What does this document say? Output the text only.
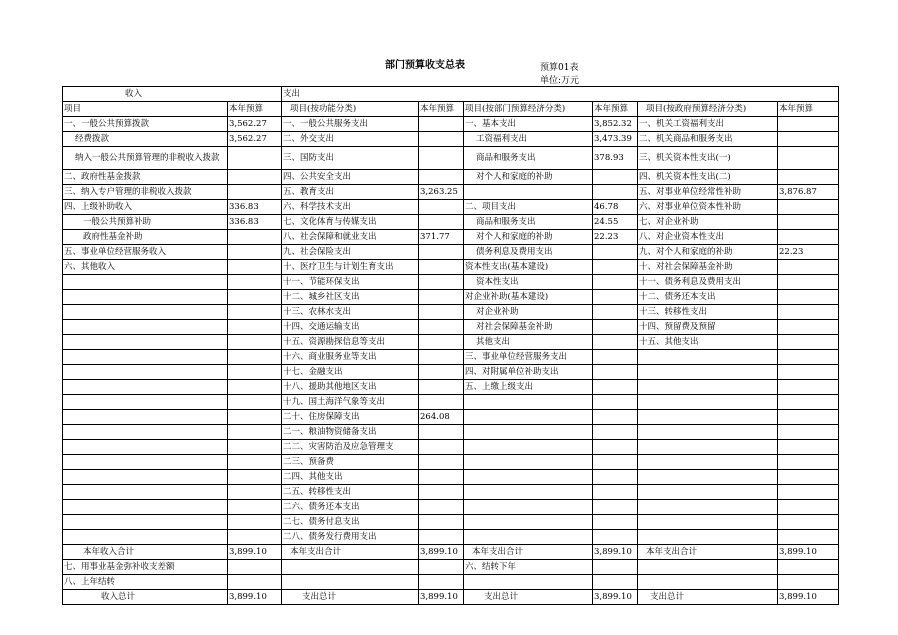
部门预算收支总表	预算01表
单位:万元
收入		支出					
项目	本年预算	项目(按功能分类)	本年预算	项目(按部门预算经济分类)	本年预算	项目(按政府预算经济分类)	本年预算
一、一般公共预算拨款	3,562.27	一、一般公共服务支出		一、基本支出	3,852.32	一、机关工资福利支出	
经费拨款	3,562.27	二、外交支出		工资福利支出	3,473.39	二、机关商品和服务支出	
纳入一般公共预算管理的非税收入拨款		三、国防支出		商品和服务支出	378.93	三、机关资本性支出(一)	
二、政府性基金拨款		四、公共安全支出		对个人和家庭的补助		四、机关资本性支出(二)	
三、纳入专户管理的非税收入拨款		五、教育支出	3,263.25			五、对事业单位经常性补助	3,876.87
四、上级补助收入	336.83	六、科学技术支出		二、项目支出	46.78	六、对事业单位资本性补助	
一般公共预算补助	336.83	七、文化体育与传媒支出		商品和服务支出	24.55	七、对企业补助	
政府性基金补助		八、社会保障和就业支出	371.77	对个人和家庭的补助	22.23	八、对企业资本性支出	
五、事业单位经营服务收入		九、社会保险支出		债务利息及费用支出		九、对个人和家庭的补助	22.23
六、其他收入		十、医疗卫生与计划生育支出		资本性支出(基本建设)		十、对社会保障基金补助	
		十一、节能环保支出		资本性支出		十一、债务利息及费用支出	
		十二、城乡社区支出		对企业补助(基本建设)		十二、债务还本支出	
		十三、农林水支出		对企业补助		十三、转移性支出	
		十四、交通运输支出		对社会保障基金补助		十四、预留费及预留	
		十五、资源勘探信息等支出		其他支出		十五、其他支出	
		十六、商业服务业等支出		三、事业单位经营服务支出			
		十七、金融支出		四、对附属单位补助支出			
		十八、援助其他地区支出		五、上缴上级支出			
		十九、国土海洋气象等支出					
		二十、住房保障支出	264.08				
		二一、粮油物资储备支出					
		二二、灾害防治及应急管理支					
		二三、预备费					
		二四、其他支出					
		二五、转移性支出					
		二六、债务还本支出					
		二七、债务付息支出					
		二八、债务发行费用支出					
本年收入合计	3,899.10	本年支出合计	3,899.10	本年支出合计	3,899.10	本年支出合计	3,899.10
七、用事业基金弥补收支差额				六、结转下年			
八、上年结转							
收入总计	3,899.10	支出总计	3,899.10	支出总计	3,899.10	支出总计	3,899.10
